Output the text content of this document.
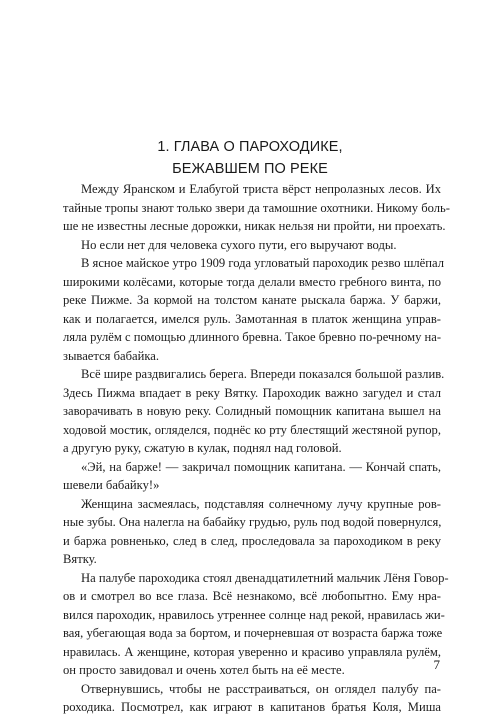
1. ГЛАВА О ПАРОХОДИКЕ,
БЕЖАВШЕМ ПО РЕКЕ
Между Яранском и Елабугой триста вёрст непролазных лесов. Их
тайные тропы знают только звери да тамошние охотники. Никому боль-
ше не известны лесные дорожки, никак нельзя ни пройти, ни проехать.
Но если нет для человека сухого пути, его выручают воды.
В ясное майское утро 1909 года угловатый пароходик резво шлёпал
широкими колёсами, которые тогда делали вместо гребного винта, по
реке Пижме. За кормой на толстом канате рыскала баржа. У баржи,
как и полагается, имелся руль. Замотанная в платок женщина управ-
ляла рулём с помощью длинного бревна. Такое бревно по-речному на-
зывается бабайка.
Всё шире раздвигались берега. Впереди показался большой разлив.
Здесь Пижма впадает в реку Вятку. Пароходик важно загудел и стал
заворачивать в новую реку. Солидный помощник капитана вышел на
ходовой мостик, огляделся, поднёс ко рту блестящий жестяной рупор,
а другую руку, сжатую в кулак, поднял над головой.
«Эй, на барже! — закричал помощник капитана. — Кончай спать,
шевели бабайку!»
Женщина засмеялась, подставляя солнечному лучу крупные ров-
ные зубы. Она налегла на бабайку грудью, руль под водой повернулся,
и баржа ровненько, след в след, проследовала за пароходиком в реку
Вятку.
На палубе пароходика стоял двенадцатилетний мальчик Лёня Говор-
ов и смотрел во все глаза. Всё незнакомо, всё любопытно. Ему нра-
вился пароходик, нравилось утреннее солнце над рекой, нравилась жи-
вая, убегающая вода за бортом, и почерневшая от возраста баржа тоже
нравилась. А женщине, которая уверенно и красиво управляла рулём,
он просто завидовал и очень хотел быть на её месте.
Отвернувшись, чтобы не расстраиваться, он оглядел палубу па-
роходика. Посмотрел, как играют в капитанов братья Коля, Миша
7
